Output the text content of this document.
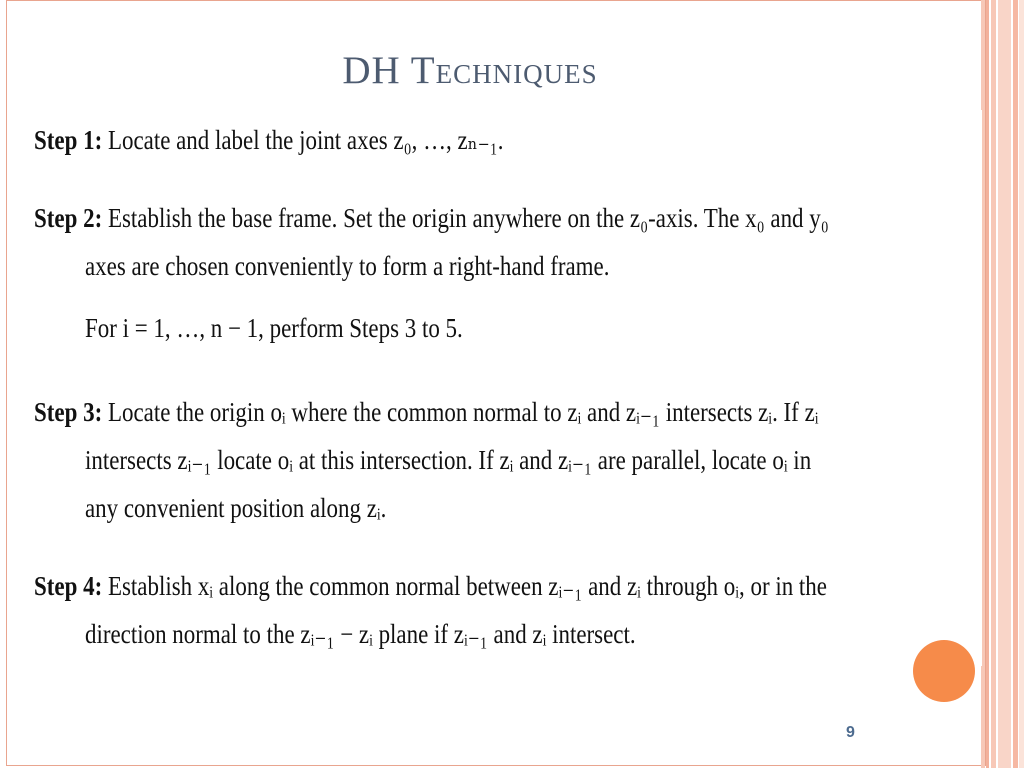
DH Techniques
Step 1: Locate and label the joint axes z₀, …, zₙ₋₁.
Step 2: Establish the base frame. Set the origin anywhere on the z₀-axis. The x₀ and y₀
axes are chosen conveniently to form a right-hand frame.
For i = 1, …, n − 1, perform Steps 3 to 5.
Step 3: Locate the origin oᵢ where the common normal to zᵢ and zᵢ₋₁ intersects zᵢ. If zᵢ
intersects zᵢ₋₁ locate oᵢ at this intersection. If zᵢ and zᵢ₋₁ are parallel, locate oᵢ in
any convenient position along zᵢ.
Step 4: Establish xᵢ along the common normal between zᵢ₋₁ and zᵢ through oᵢ, or in the
direction normal to the zᵢ₋₁ − zᵢ plane if zᵢ₋₁ and zᵢ intersect.
9
